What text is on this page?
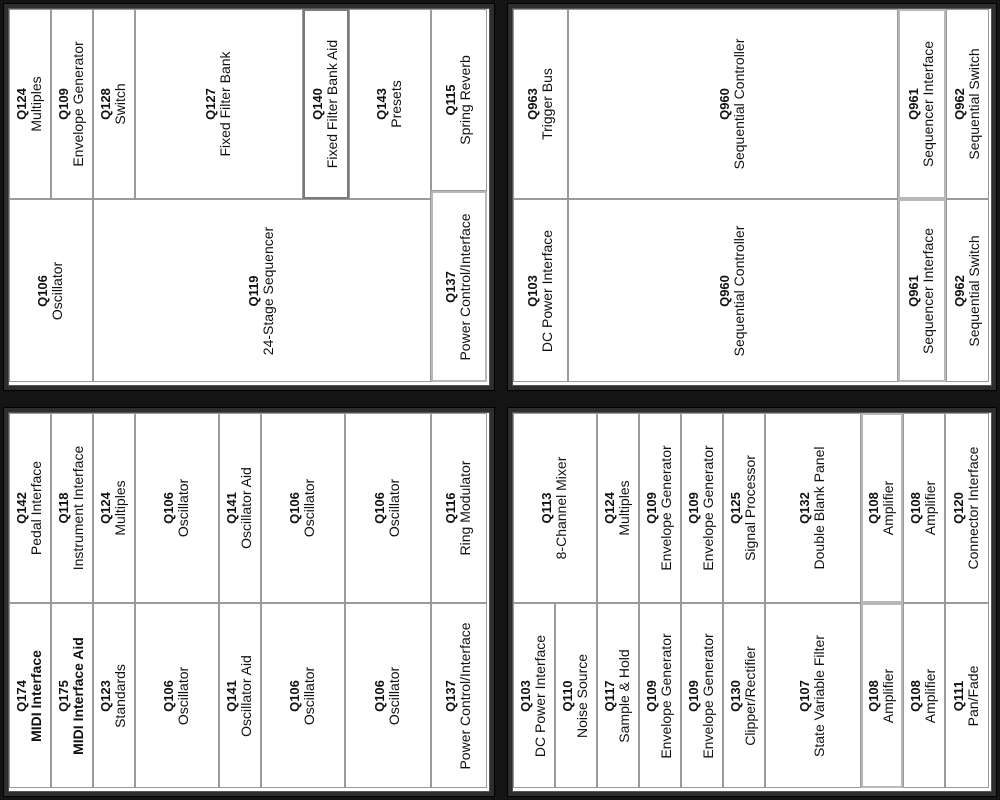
Q124 Multiples
Q106 Oscillator
Q109 Envelope Generator Q128 Switch	Q127 Fixed Filter Bank	Q140 Fixed Filter Bank Aid
Q119 24-Stage Sequencer
Q143 Presets	Q115 Spring Reverb
Q137 Power Control/Interface
Q963 Trigger Bus
Q103 DC Power Interface
Q960 Sequential Controller
Q960 Sequential Controller
Q961 Sequencer Interface
Q961 Sequencer Interface
Q962 Sequential Switch
Q962 Sequential Switch
Q142 Pedal Interface
Q174 MIDI Interface
Q118 Instrument Interface
Q175 MIDI Interface Aid
Q124 Multiples
Q123 Standards
Q106 Oscillator
Q106 Oscillator
Q141 Oscillator Aid
Q141 Oscillator Aid
Q106 Oscillator
Q106 Oscillator
Q106 Oscillator
Q106 Oscillator
Q116 Ring Modulator
Q137 Power Control/Interface
Q113 8-Channel Mixer
Q103 DC Power Interface Q110 Noise Source
Q124 Multiples
Q117 Sample & Hold
Q109 Envelope Generator
Q109 Envelope Generator
Q109 Envelope Generator
Q109 Envelope Generator
Q125 Signal Processor
Q130 Clipper/Rectifier
Q132 Double Blank Panel
Q107 State Variable Filter
Q108 Amplifier
Q108 Amplifier
Q108 Amplifier
Q108 Amplifier
Q120 Connector Interface
Q111 Pan/Fade
